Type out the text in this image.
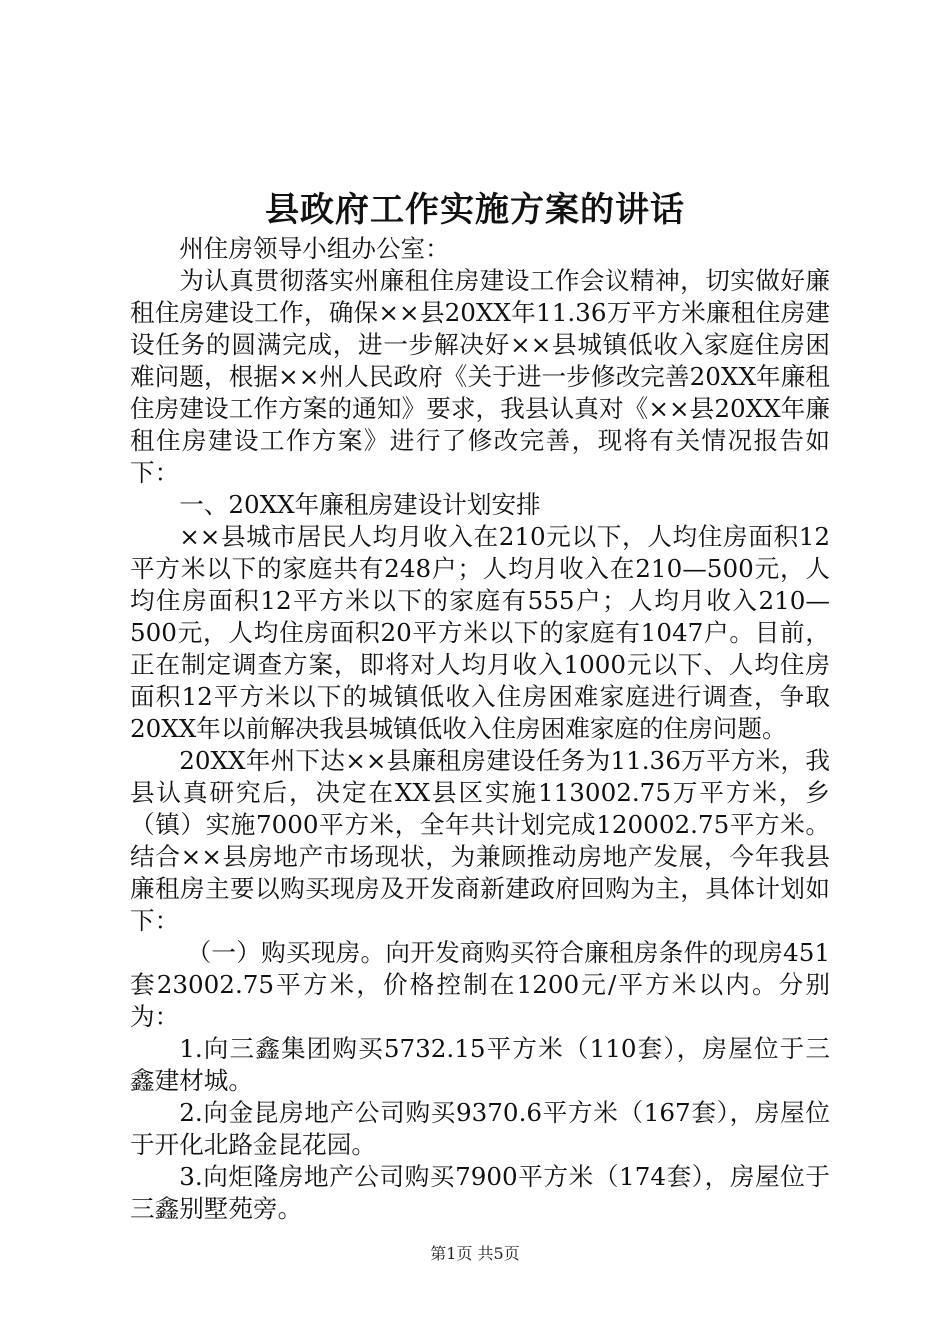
县政府工作实施方案的讲话

州住房领导小组办公室：

为认真贯彻落实州廉租住房建设工作会议精神，切实做好廉租住房建设工作，确保××县20XX年11.36万平方米廉租住房建设任务的圆满完成，进一步解决好××县城镇低收入家庭住房困难问题，根据××州人民政府《关于进一步修改完善20XX年廉租住房建设工作方案的通知》要求，我县认真对《××县20XX年廉租住房建设工作方案》进行了修改完善，现将有关情况报告如下：

一、20XX年廉租房建设计划安排

××县城市居民人均月收入在210元以下，人均住房面积12平方米以下的家庭共有248户；人均月收入在210—500元，人均住房面积12平方米以下的家庭有555户；人均月收入210—500元，人均住房面积20平方米以下的家庭有1047户。目前，正在制定调查方案，即将对人均月收入1000元以下、人均住房面积12平方米以下的城镇低收入住房困难家庭进行调查，争取20XX年以前解决我县城镇低收入住房困难家庭的住房问题。

20XX年州下达××县廉租房建设任务为11.36万平方米，我县认真研究后，决定在XX县区实施113002.75万平方米，乡（镇）实施7000平方米，全年共计划完成120002.75平方米。结合××县房地产市场现状，为兼顾推动房地产发展，今年我县廉租房主要以购买现房及开发商新建政府回购为主，具体计划如下：

（一）购买现房。向开发商购买符合廉租房条件的现房451套23002.75平方米，价格控制在1200元/平方米以内。分别为：

1.向三鑫集团购买5732.15平方米（110套），房屋位于三鑫建材城。

2.向金昆房地产公司购买9370.6平方米（167套），房屋位于开化北路金昆花园。

3.向炬隆房地产公司购买7900平方米（174套），房屋位于三鑫别墅苑旁。

第1页 共5页
